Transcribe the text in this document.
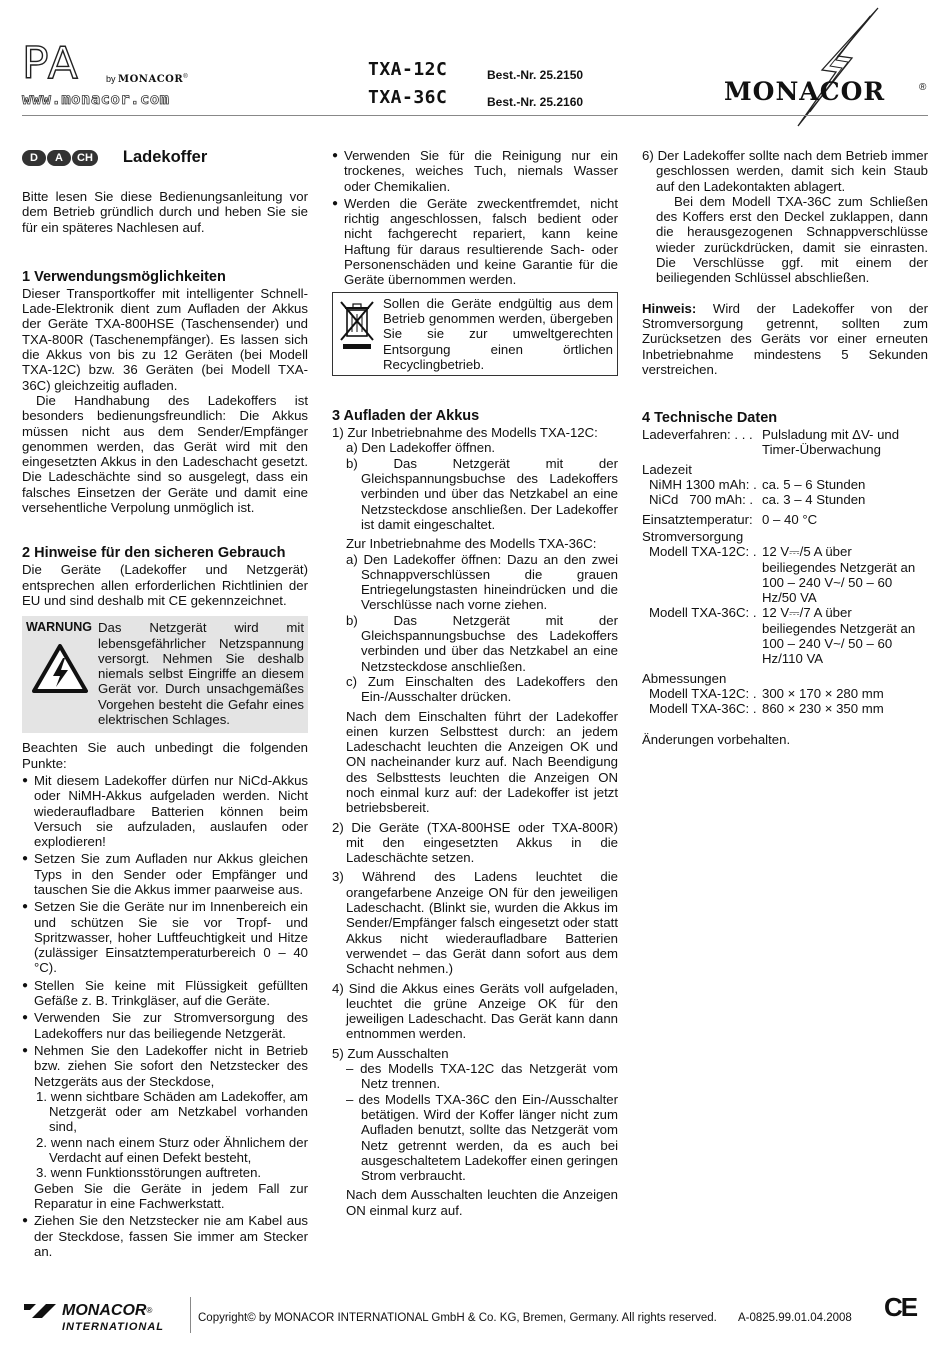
PA	by MONACOR®
www.monacor.com
TXA-12C	Best.-Nr. 25.2150
TXA-36C	Best.-Nr. 25.2160	MONACOR	®
D	A	CH	Ladekoffer

Bitte lesen Sie diese Bedienungsanleitung vor dem Betrieb gründlich durch und heben Sie sie für ein späteres Nachlesen auf.

1 Verwendungsmöglichkeiten

Dieser Transportkoffer mit intelligenter Schnell-Lade-Elektronik dient zum Aufladen der Akkus der Geräte TXA-800HSE (Taschensender) und TXA-800R (Taschenempfänger). Es lassen sich die Akkus von bis zu 12 Geräten (bei Modell TXA-12C) bzw. 36 Geräten (bei Modell TXA-36C) gleichzeitig aufladen.

Die Handhabung des Ladekoffers ist besonders bedienungsfreundlich: Die Akkus müssen nicht aus dem Sender/Empfänger genommen werden, das Gerät wird mit den eingesetzten Akkus in den Ladeschacht gesetzt. Die Ladeschächte sind so ausgelegt, dass ein falsches Einsetzen der Geräte und damit eine versehentliche Verpolung unmöglich ist.

2 Hinweise für den sicheren Gebrauch

Die Geräte (Ladekoffer und Netzgerät) entsprechen allen erforderlichen Richtlinien der EU und sind deshalb mit CE gekennzeichnet.

WARNUNG Das Netzgerät wird mit lebensgefährlicher Netzspannung versorgt. Nehmen Sie deshalb niemals selbst Eingriffe an diesem Gerät vor. Durch unsachgemäßes Vorgehen besteht die Gefahr eines elektrischen Schlages.

Beachten Sie auch unbedingt die folgenden Punkte:

● Mit diesem Ladekoffer dürfen nur NiCd-Akkus oder NiMH-Akkus aufgeladen werden. Nicht wiederaufladbare Batterien können beim Versuch sie aufzuladen, auslaufen oder explodieren!

● Setzen Sie zum Aufladen nur Akkus gleichen Typs in den Sender oder Empfänger und tauschen Sie die Akkus immer paarweise aus.

● Setzen Sie die Geräte nur im Innenbereich ein und schützen Sie sie vor Tropf- und Spritzwasser, hoher Luftfeuchtigkeit und Hitze (zulässiger Einsatztemperaturbereich 0 – 40 °C).

● Stellen Sie keine mit Flüssigkeit gefüllten Gefäße z. B. Trinkgläser, auf die Geräte.

● Verwenden Sie zur Stromversorgung des Ladekoffers nur das beiliegende Netzgerät.

● Nehmen Sie den Ladekoffer nicht in Betrieb bzw. ziehen Sie sofort den Netzstecker des Netzgeräts aus der Steckdose,

1. wenn sichtbare Schäden am Ladekoffer, am Netzgerät oder am Netzkabel vorhanden sind,

2. wenn nach einem Sturz oder Ähnlichem der Verdacht auf einen Defekt besteht,

3. wenn Funktionsstörungen auftreten.

Geben Sie die Geräte in jedem Fall zur Reparatur in eine Fachwerkstatt.

● Ziehen Sie den Netzstecker nie am Kabel aus der Steckdose, fassen Sie immer am Stecker an.

● Verwenden Sie für die Reinigung nur ein trockenes, weiches Tuch, niemals Wasser oder Chemikalien.

● Werden die Geräte zweckentfremdet, nicht richtig angeschlossen, falsch bedient oder nicht fachgerecht repariert, kann keine Haftung für daraus resultierende Sach- oder Personenschäden und keine Garantie für die Geräte übernommen werden.

Sollen die Geräte endgültig aus dem Betrieb genommen werden, übergeben Sie sie zur umweltgerechten Entsorgung einen örtlichen Recyclingbetrieb.

3 Aufladen der Akkus

1) Zur Inbetriebnahme des Modells TXA-12C:

a) Den Ladekoffer öffnen.

b) Das Netzgerät mit der Gleichspannungsbuchse des Ladekoffers verbinden und über das Netzkabel an eine Netzsteckdose anschließen. Der Ladekoffer ist damit eingeschaltet.

Zur Inbetriebnahme des Modells TXA-36C:

a) Den Ladekoffer öffnen: Dazu an den zwei Schnappverschlüssen die grauen Entriegelungstasten hineindrücken und die Verschlüsse nach vorne ziehen.

b) Das Netzgerät mit der Gleichspannungsbuchse des Ladekoffers verbinden und über das Netzkabel an eine Netzsteckdose anschließen.

c) Zum Einschalten des Ladekoffers den Ein-/Ausschalter drücken.

Nach dem Einschalten führt der Ladekoffer einen kurzen Selbsttest durch: an jedem Ladeschacht leuchten die Anzeigen OK und ON nacheinander kurz auf. Nach Beendigung des Selbsttests leuchten die Anzeigen ON noch einmal kurz auf: der Ladekoffer ist jetzt betriebsbereit.

2) Die Geräte (TXA-800HSE oder TXA-800R) mit den eingesetzten Akkus in die Ladeschächte setzen.

3) Während des Ladens leuchtet die orangefarbene Anzeige ON für den jeweiligen Ladeschacht. (Blinkt sie, wurden die Akkus im Sender/Empfänger falsch eingesetzt oder statt Akkus nicht wiederaufladbare Batterien verwendet – das Gerät dann sofort aus dem Schacht nehmen.)

4) Sind die Akkus eines Geräts voll aufgeladen, leuchtet die grüne Anzeige OK für den jeweiligen Ladeschacht. Das Gerät kann dann entnommen werden.

5) Zum Ausschalten

– des Modells TXA-12C das Netzgerät vom Netz trennen.

– des Modells TXA-36C den Ein-/Ausschalter betätigen. Wird der Koffer länger nicht zum Aufladen benutzt, sollte das Netzgerät vom Netz getrennt werden, da es auch bei ausgeschaltetem Ladekoffer einen geringen Strom verbraucht.

Nach dem Ausschalten leuchten die Anzeigen ON einmal kurz auf.

6) Der Ladekoffer sollte nach dem Betrieb immer geschlossen werden, damit sich kein Staub auf den Ladekontakten ablagert.

Bei dem Modell TXA-36C zum Schließen des Koffers erst den Deckel zuklappen, dann die herausgezogenen Schnappverschlüsse wieder zurückdrücken, damit sie einrasten. Die Verschlüsse ggf. mit einem der beiliegenden Schlüssel abschließen.

Hinweis: Wird der Ladekoffer von der Stromversorgung getrennt, sollten zum Zurücksetzen des Geräts vor einer erneuten Inbetriebnahme mindestens 5 Sekunden verstreichen.

4 Technische Daten
Ladeverfahren: . . . Pulsladung mit ΔV- und Timer-Überwachung
Ladezeit
NiMH 1300 mAh: . ca. 5 – 6 Stunden
NiCd   700 mAh: . ca. 3 – 4 Stunden
Einsatztemperatur: 0 – 40 °C
Stromversorgung
Modell TXA-12C: . 12 V⎓/5 A über beiliegendes Netzgerät an 100 – 240 V~/ 50 – 60 Hz/50 VA
Modell TXA-36C: . 12 V⎓/7 A über beiliegendes Netzgerät an 100 – 240 V~/ 50 – 60 Hz/110 VA
Abmessungen
Modell TXA-12C: . 300 × 170 × 280 mm
Modell TXA-36C: . 860 × 230 × 350 mm

Änderungen vorbehalten.

MONACOR ®
INTERNATIONAL
Copyright© by MONACOR INTERNATIONAL GmbH & Co. KG, Bremen, Germany. All rights reserved. A-0825.99.01.04.2008 CE
